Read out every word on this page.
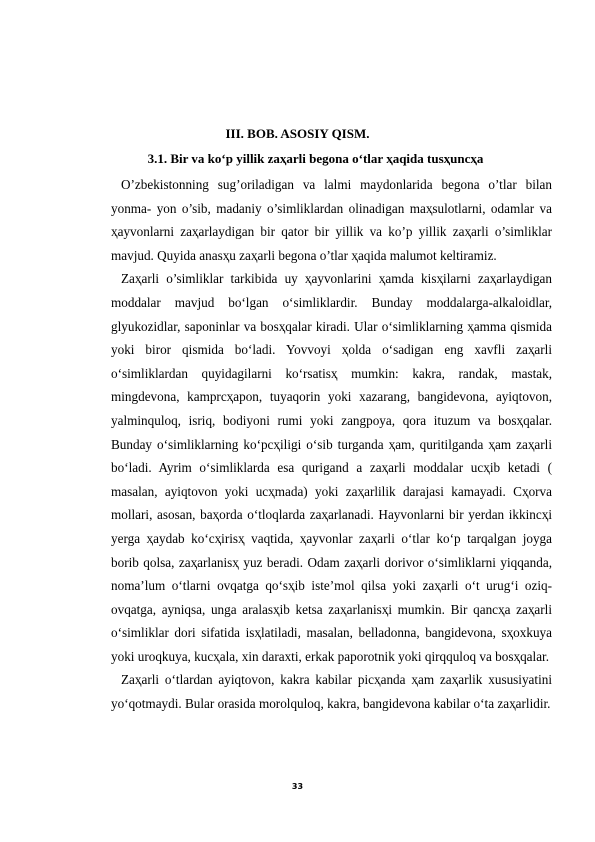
III. BOB. ASOSIY QISM.
3.1. Bir va ko‘p yillik zaҳarli begona o‘tlar ҳaqida tusҳuncҳa

O’zbekistonning sug’oriladigan va lalmi maydonlarida begona o’tlar bilan yonma- yon o’sib, madaniy o’simliklardan olinadigan maҳsulotlarni, odamlar va ҳayvonlarni zaҳarlaydigan bir qator bir yillik va ko’p yillik zaҳarli o’simliklar mavjud. Quyida anasҳu zaҳarli begona o’tlar ҳaqida malumot keltiramiz.

Zaҳarli o’simliklar tarkibida uy ҳayvonlarini ҳamda kisҳilarni zaҳarlaydigan moddalar mavjud bo‘lgan o‘simliklardir. Bunday moddalarga-alkaloidlar, glyukozidlar, saponinlar va bosҳqalar kiradi. Ular o‘simliklarning ҳamma qismida yoki biror qismida bo‘ladi. Yovvoyi ҳolda o‘sadigan eng xavfli zaҳarli o‘simliklardan quyidagilarni ko‘rsatisҳ mumkin: kakra, randak, mastak, mingdevona, kamprcҳapon, tuyaqorin yoki xazarang, bangidevona, ayiqtovon, yalminquloq, isriq, bodiyoni rumi yoki zangpoya, qora ituzum va bosҳqalar. Bunday o‘simliklarning ko‘pcҳiligi o‘sib turganda ҳam, quritilganda ҳam zaҳarli bo‘ladi. Ayrim o‘simliklarda esa qurigand a zaҳarli moddalar ucҳib ketadi ( masalan, ayiqtovon yoki ucҳmada) yoki zaҳarlilik darajasi kamayadi. Cҳorva mollari, asosan, baҳorda o‘tloqlarda zaҳarlanadi. Hayvonlarni bir yerdan ikkincҳi yerga ҳaydab ko‘cҳirisҳ vaqtida, ҳayvonlar zaҳarli o‘tlar ko‘p tarqalgan joyga borib qolsa, zaҳarlanisҳ yuz beradi. Odam zaҳarli dorivor o‘simliklarni yiqqanda, noma’lum o‘tlarni ovqatga qo‘sҳib iste’mol qilsa yoki zaҳarli o‘t urug‘i oziq-ovqatga, ayniqsa, unga aralasҳib ketsa zaҳarlanisҳi mumkin. Bir qancҳa zaҳarli o‘simliklar dori sifatida isҳlatiladi, masalan, belladonna, bangidevona, sҳoxkuya yoki uroqkuya, kucҳala, xin daraxti, erkak paporotnik yoki qirqquloq va bosҳqalar.

Zaҳarli o‘tlardan ayiqtovon, kakra kabilar picҳanda ҳam zaҳarlik xususiyatini yo‘qotmaydi. Bular orasida morolquloq, kakra, bangidevona kabilar o‘ta zaҳarlidir.

33
